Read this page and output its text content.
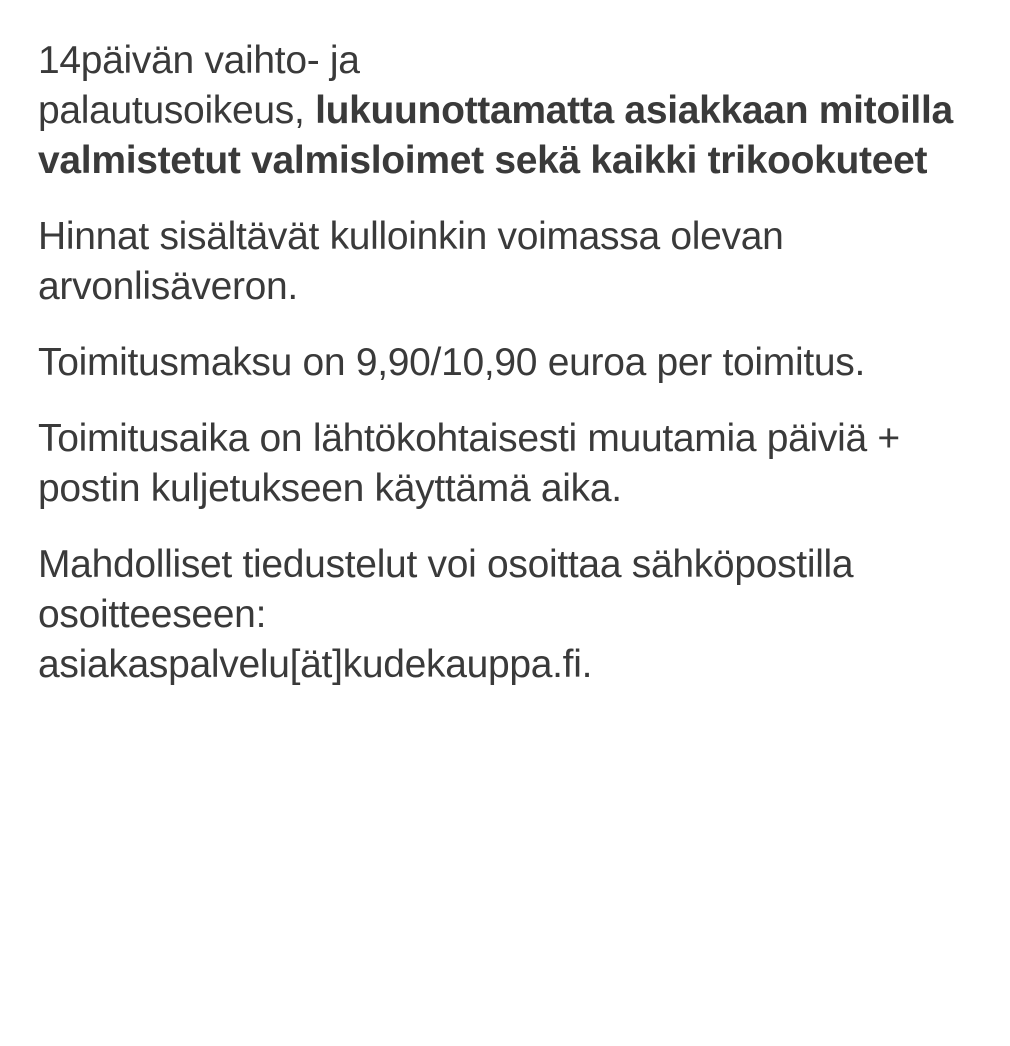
14päivän vaihto- ja
palautusoikeus, lukuunottamatta asiakkaan mitoilla valmistetut valmisloimet sekä kaikki trikookuteet

Hinnat sisältävät kulloinkin voimassa olevan arvonlisäveron.

Toimitusmaksu on 9,90/10,90 euroa per toimitus.

Toimitusaika on lähtökohtaisesti muutamia päiviä + postin kuljetukseen käyttämä aika.

Mahdolliset tiedustelut voi osoittaa sähköpostilla osoitteeseen:
asiakaspalvelu[ät]kudekauppa.fi.
